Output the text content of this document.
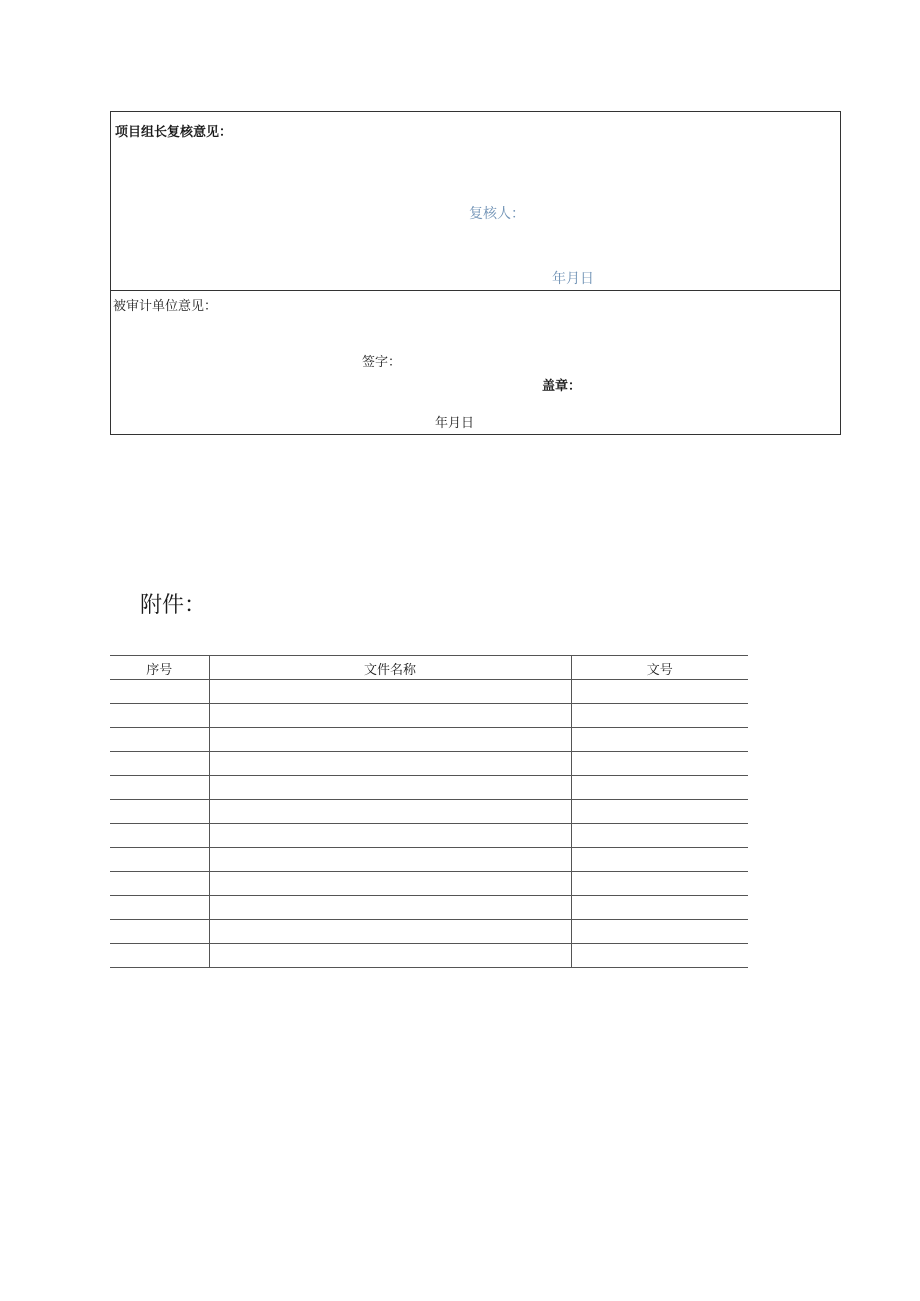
项目组长复核意见：
复核人：
年月日
被审计单位意见：
签字：
盖章：
年月日
附件：
序号	文件名称	文号
